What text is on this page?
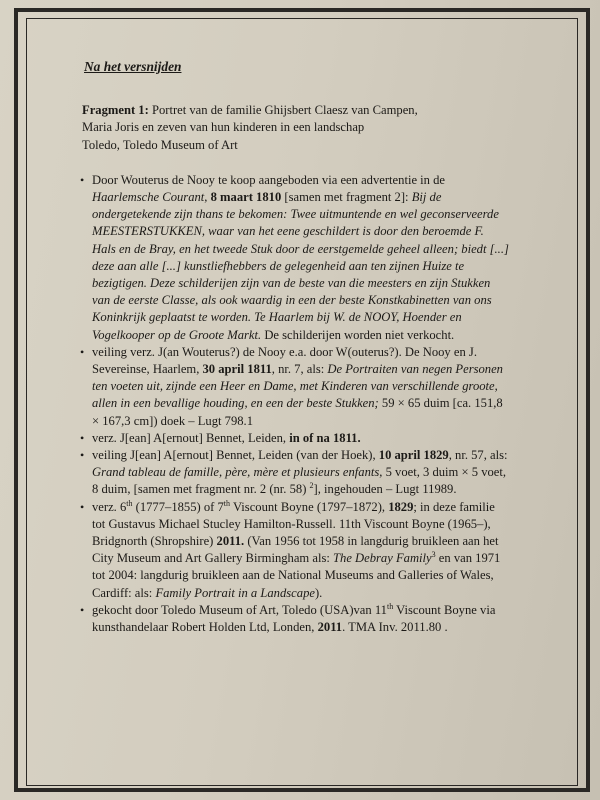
Na het versnijden

Fragment 1: Portret van de familie Ghijsbert Claesz van Campen,

Maria Joris en zeven van hun kinderen in een landschap

Toledo, Toledo Museum of Art

• Door Wouterus de Nooy te koop aangeboden via een advertentie in de Haarlemsche Courant, 8 maart 1810 [samen met fragment 2]: Bij de ondergetekende zijn thans te bekomen: Twee uitmuntende en wel geconserveerde MEESTERSTUKKEN, waar van het eene geschildert is door den beroemde F. Hals en de Bray, en het tweede Stuk door de eerstgemelde geheel alleen; biedt [...] deze aan alle [...] kunstliefhebbers de gelegenheid aan ten zijnen Huize te bezigtigen. Deze schilderijen zijn van de beste van die meesters en zijn Stukken van de eerste Classe, als ook waardig in een der beste Konstkabinetten van ons Koninkrijk geplaatst te worden. Te Haarlem bij W. de NOOY, Hoender en Vogelkooper op de Groote Markt. De schilderijen worden niet verkocht.
• veiling verz. J(an Wouterus?) de Nooy e.a. door W(outerus?). De Nooy en J. Severeinse, Haarlem, 30 april 1811, nr. 7, als: De Portraiten van negen Personen ten voeten uit, zijnde een Heer en Dame, met Kinderen van verschillende groote, allen in een bevallige houding, en een der beste Stukken; 59 × 65 duim [ca. 151,8 × 167,3 cm]) doek – Lugt 798.1
• verz. J[ean] A[ernout] Bennet, Leiden, in of na 1811.
• veiling J[ean] A[ernout] Bennet, Leiden (van der Hoek), 10 april 1829, nr. 57, als: Grand tableau de famille, père, mère et plusieurs enfants, 5 voet, 3 duim × 5 voet, 8 duim, [samen met fragment nr. 2 (nr. 58) $^2$], ingehouden – Lugt 11989.
• verz. 6th (1777–1855) of 7th Viscount Boyne (1797–1872), 1829; in deze familie tot Gustavus Michael Stucley Hamilton-Russell. 11th Viscount Boyne (1965–), Bridgnorth (Shropshire) 2011. (Van 1956 tot 1958 in langdurig bruikleen aan het City Museum and Art Gallery Birmingham als: The Debray Family$^3$ en van 1971 tot 2004: langdurig bruikleen aan de National Museums and Galleries of Wales, Cardiff: als: Family Portrait in a Landscape).
• gekocht door Toledo Museum of Art, Toledo (USA)van 11th Viscount Boyne via kunsthandelaar Robert Holden Ltd, Londen, 2011. TMA Inv. 2011.80 .
